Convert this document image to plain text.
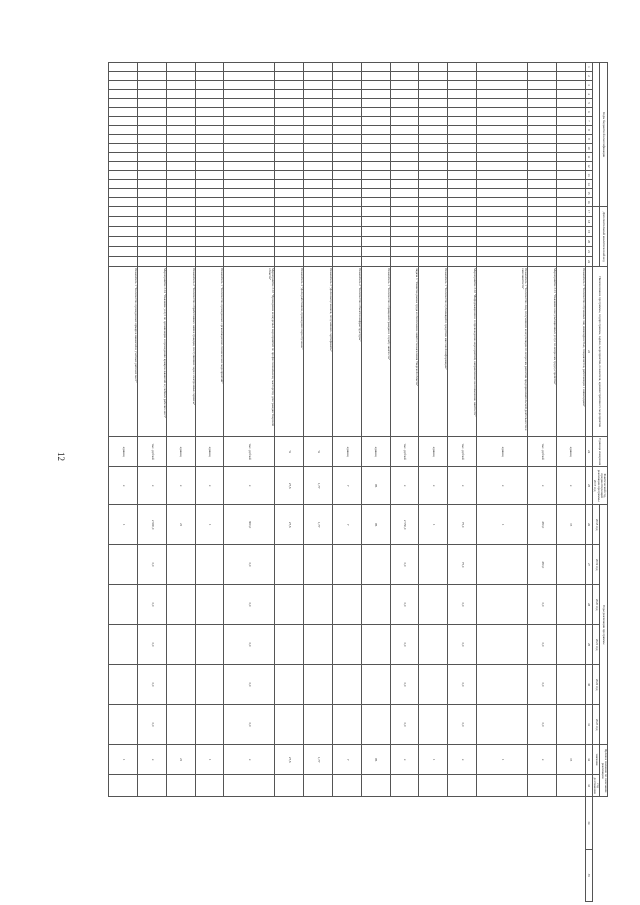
12
Коды бюджетной классификации																Дополнительный аналитический код						Наименование программы, подпрограммы, задачи, мероприятия, показателя, административного мероприятия	Единица измерения	Фактический год, предшествующий реализации программы 2017 год	Годы реализации программы						Целевое значение по окончании реализации			
																									2018 год	2019 год	2020 год	2021 год	2022 год	2023 год	значение	год достижения		
1	2	3	4	5	6	7	8	9	10	11	12	13	14	15	16	17	18	19	20	21	22	23	24	25	26	27	28	29	30	31	32	33	34	35
																						Показатель 3 "Количество обученных лиц инвалидностью, специалистов, работающих с инвалидами"	единиц	x	15						15			
																						Мероприятие 3.01 "Оказание консультационных услуг по вопросам трудоустройства"	тыс. рублей	x	450,0	450,0	0,0	0,0	0,0	0,0	x			
																						Показатель 1 "Количество лиц, получивших консультации по вопросам развития предпринимательской деятельности и самозанятости"	единиц	x	1						1			
																						Мероприятие 3.02 "Информационное сопровождение мероприятий, направленных на повышение занятости"	тыс. рублей	x	75,0	75,0	0,0	0,0	0,0	0,0	x			
																						Показатель 1 "Количество публикаций в средствах массовой информации"	единиц	x	1						1			
																						Задача 3 "Развитие рынка труда и обеспечение занятости населения Тверской области"	тыс. рублей	x	2 550,0	0,0	0,0	0,0	0,0	0,0	x			
																						Показатель 1 "Количество обращений граждан в службу занятости"	единиц	86	86						86			
																						Показатель 2 "Количество объектов инфраструктуры"	единиц	7	7						7			
																						Показатель 3 "Доля выпускников, получивших сертификаты"	%	1,77	1,77						1,77			
																						Показатель 4 "Доля работников, прошедших переобучение"	%	27,6	27,6						27,6			
																						Мероприятие 3.03 "Проведение конкурсных мероприятий по профессиональному мастерству для граждан Тверской области"	тыс. рублей	x	900,0	0,0	0,0	0,0	0,0	0,0	x			
																						Показатель 1 "Количество проведенных организационно-технических мероприятий"	единиц	x	1						1			
																						Показатель 2 "Количество обработанных заявок граждан, поступивших через электронные сервисы"	единиц	x	21						21			
																						Мероприятие 3.04 "Оказание услуг по организации и проведению ярмарок вакансий и учебных рабочих мест"	тыс. рублей	x	2 900,0	0,0	0,0	0,0	0,0	0,0	x			
																						Показатель 1 "Количество проведенных ярмарок вакансий и учебных рабочих мест"	единиц	x	1						1			
